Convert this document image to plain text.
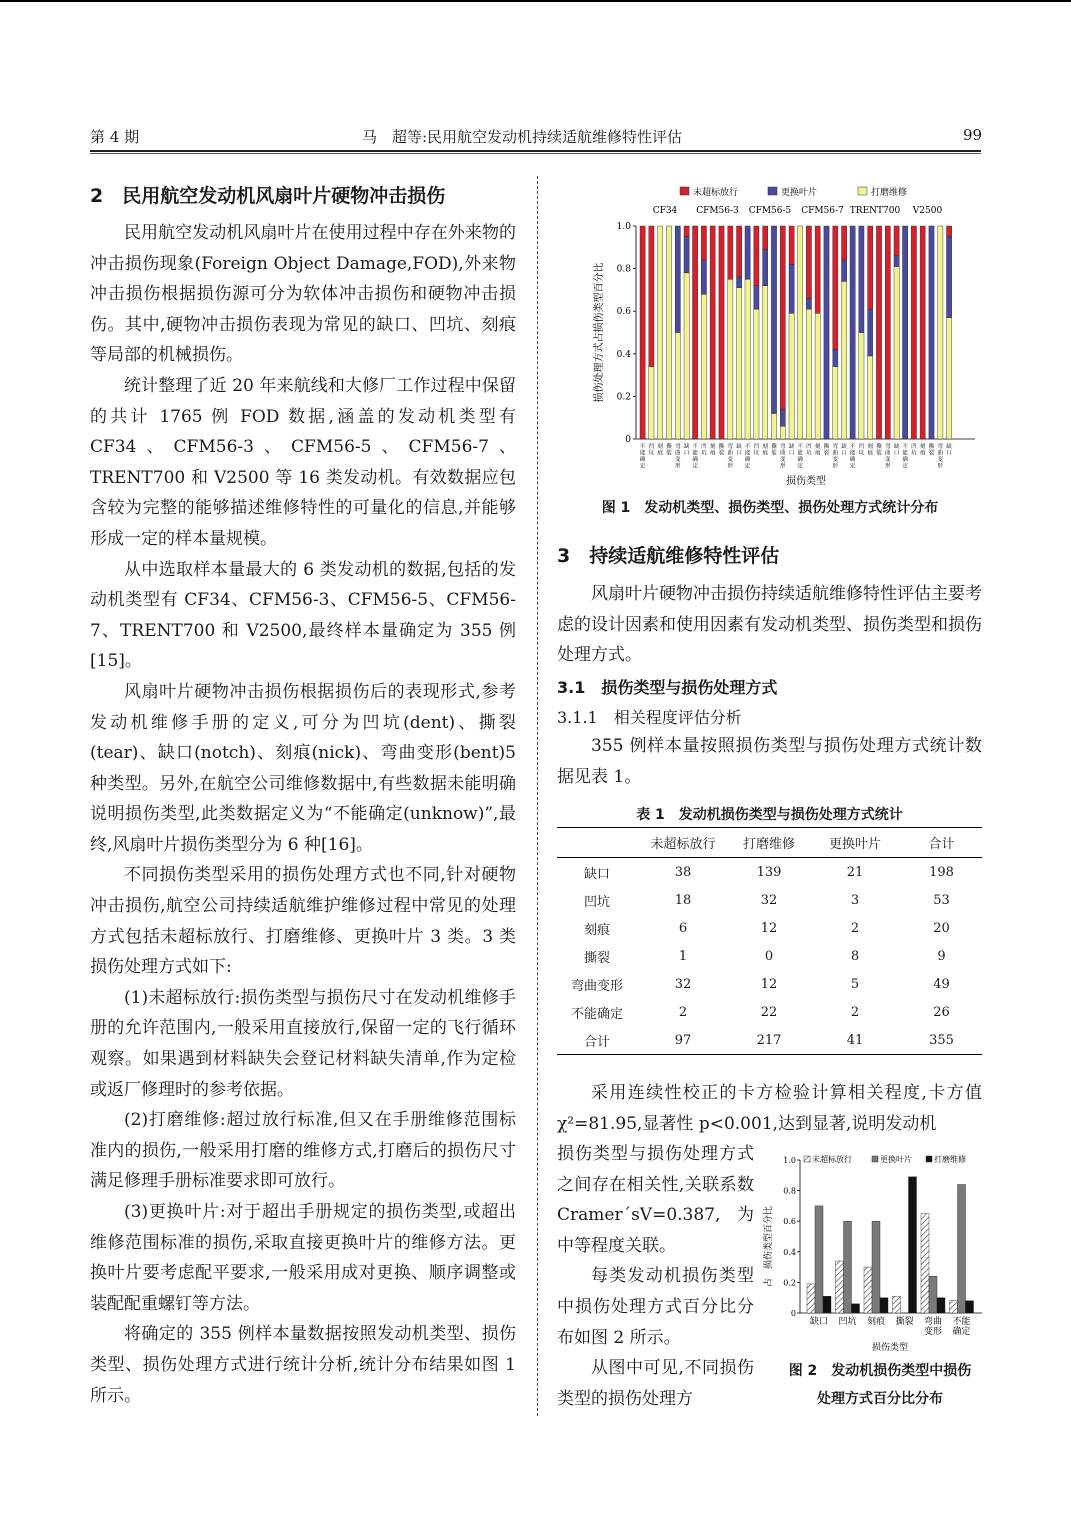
第 4 期	马　超等:民用航空发动机持续适航维修特性评估	99
2　民用航空发动机风扇叶片硬物冲击损伤

民用航空发动机风扇叶片在使用过程中存在外来物的冲击损伤现象(Foreign Object Damage,FOD),外来物冲击损伤根据损伤源可分为软体冲击损伤和硬物冲击损伤。其中,硬物冲击损伤表现为常见的缺口、凹坑、刻痕等局部的机械损伤。

统计整理了近 20 年来航线和大修厂工作过程中保留的共计 1765 例 FOD 数据,涵盖的发动机类型有 CF34、CFM56-3、CFM56-5、CFM56-7、TRENT700 和 V2500 等 16 类发动机。有效数据应包含较为完整的能够描述维修特性的可量化的信息,并能够形成一定的样本量规模。

从中选取样本量最大的 6 类发动机的数据,包括的发动机类型有 CF34、CFM56-3、CFM56-5、CFM56-7、TRENT700 和 V2500,最终样本量确定为 355 例[15]。

风扇叶片硬物冲击损伤根据损伤后的表现形式,参考发动机维修手册的定义,可分为凹坑(dent)、撕裂(tear)、缺口(notch)、刻痕(nick)、弯曲变形(bent)5 种类型。另外,在航空公司维修数据中,有些数据未能明确说明损伤类型,此类数据定义为“不能确定(unknow)”,最终,风扇叶片损伤类型分为 6 种[16]。

不同损伤类型采用的损伤处理方式也不同,针对硬物冲击损伤,航空公司持续适航维护维修过程中常见的处理方式包括未超标放行、打磨维修、更换叶片 3 类。3 类损伤处理方式如下:

(1)未超标放行:损伤类型与损伤尺寸在发动机维修手册的允许范围内,一般采用直接放行,保留一定的飞行循环观察。如果遇到材料缺失会登记材料缺失清单,作为定检或返厂修理时的参考依据。

(2)打磨维修:超过放行标准,但又在手册维修范围标准内的损伤,一般采用打磨的维修方式,打磨后的损伤尺寸满足修理手册标准要求即可放行。

(3)更换叶片:对于超出手册规定的损伤类型,或超出维修范围标准的损伤,采取直接更换叶片的维修方法。更换叶片要考虑配平要求,一般采用成对更换、顺序调整或装配配重螺钉等方法。

将确定的 355 例样本量数据按照发动机类型、损伤类型、损伤处理方式进行统计分析,统计分布结果如图 1 所示。

未超标放行	更换叶片	打磨维修
0
0.2
0.4
0.6
0.8
1.0
损伤处理方式占损伤类型百分比
损伤类型
CF34
不
能
确
定
凹
坑
刻
痕
撕
裂
弯
曲
变
形
缺
口
CFM56-3
不
能
确
定
凹
坑
刻
痕
撕
裂
弯
曲
变
形
缺
口
CFM56-5
不
能
确
定
凹
坑
刻
痕
撕
裂
弯
曲
变
形
缺
口
CFM56-7
不
能
确
定
凹
坑
刻
痕
撕
裂
弯
曲
变
形
缺
口
TRENT700
不
能
确
定
凹
坑
刻
痕
撕
裂
弯
曲
变
形
缺
口
V2500
不
能
确
定
凹
坑
刻
痕
撕
裂
弯
曲
变
形
缺
口
图 1　发动机类型、损伤类型、损伤处理方式统计分布
3　持续适航维修特性评估

风扇叶片硬物冲击损伤持续适航维修特性评估主要考虑的设计因素和使用因素有发动机类型、损伤类型和损伤处理方式。

3.1　损伤类型与损伤处理方式
3.1.1　相关程度评估分析

355 例样本量按照损伤类型与损伤处理方式统计数据见表 1。

表 1　发动机损伤类型与损伤处理方式统计
	未超标放行	打磨维修	更换叶片	合计
缺口	38	139	21	198
凹坑	18	32	3	53
刻痕	6	12	2	20
撕裂	1	0	8	9
弯曲变形	32	12	5	49
不能确定	2	22	2	26
合计	97	217	41	355

采用连续性校正的卡方检验计算相关程度,卡方值χ²=81.95,显著性 p<0.001,达到显著,说明发动机

损伤类型与损伤处理方式之间存在相关性,关联系数 Cramer´sV=0.387,为中等程度关联。

每类发动机损伤类型中损伤处理方式百分比分布如图 2 所示。

从图中可见,不同损伤类型的损伤处理方

未超标放行	更换叶片	打磨维修
0
0.2
0.4
0.6
0.8
1.0
占　损伤类型百分比
损伤类型
缺口 凹坑 刻痕 撕裂 弯曲
变形
不能
确定
图 2　发动机损伤类型中损伤
处理方式百分比分布
